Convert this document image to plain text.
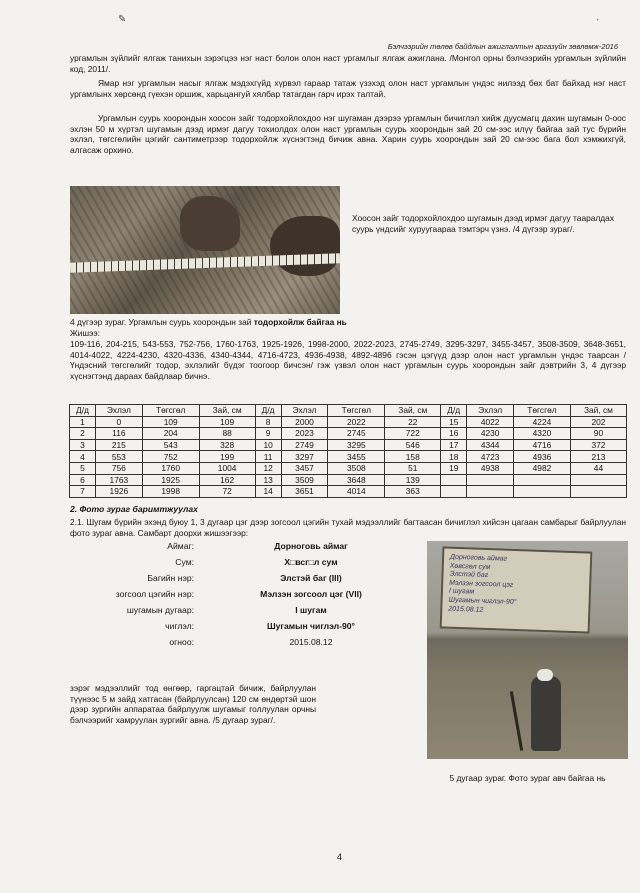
✎	·
Бэлчээрийн төлөв байдлын ажиглалтын аргазүйн зөвлөмж-2016

ургамлын зүйлийг ялгаж танихын зэрэгцээ нэг наст болон олон наст ургамлыг ялгаж ажиглана. /Монгол орны бэлчээрийн ургамлын зүйлийн код, 2011/.

Ямар нэг ургамлын насыг ялгаж мэдэхгүйд хүрвэл гараар татаж үзэхэд олон наст ургамлын үндэс нилээд бөх бат байхад нэг наст ургамлынх хөрсөнд гүехэн оршиж, харьцангуй хялбар татагдан гарч ирэх талтай.

Ургамлын суурь хоорондын хоосон зайг тодорхойлохдоо нэг шугаман дээрээ ургамлын бичиглэл хийж дуусмагц дахин шугамын 0-оос эхлэн 50 м хүртэл шугамын дээд ирмэг дагуу тохиолдох олон наст ургамлын суурь хоорондын зай 20 см-ээс илүү байгаа зай тус бүрийн эхлэл, төгсгөлийн цэгийг сантиметрээр тодорхойлж хүснэгтэнд бичиж авна. Харин суурь хоорондын зай 20 см-ээс бага бол хэмжихгүй, алгасаж орхино.

Хоосон зайг тодорхойлохдоо шугамын дээд ирмэг дагуу тааралдах суурь үндсийг хуруугаараа тэмтэрч үзнэ. /4 дүгээр зураг/.
4 дүгээр зураг. Ургамлын суурь хоорондын зай тодорхойлж байгаа нь
Жишээ:

109-116, 204-215, 543-553, 752-756, 1760-1763, 1925-1926, 1998-2000, 2022-2023, 2745-2749, 3295-3297, 3455-3457, 3508-3509, 3648-3651, 4014-4022, 4224-4230, 4320-4336, 4340-4344, 4716-4723, 4936-4938, 4892-4896 гэсэн цэгүүд дээр олон наст ургамлын үндэс таарсан /Үндэсний төгсгөлийг тодор, эхлэлийг бүдэг тоогоор бичсэн/ гэж үзвэл олон наст ургамлын суурь хоорондын зайг дэвтрийн 3, 4 дүгээр хүснэгтэнд дараах байдлаар бичнэ.

Д/д	Эхлэл	Төгсгөл	Зай, см	Д/д	Эхлэл	Төгсгөл	Зай, см	Д/д	Эхлэл	Төгсгөл	Зай, см
1	0	109	109	8	2000	2022	22	15	4022	4224	202
2	116	204	88	9	2023	2745	722	16	4230	4320	90
3	215	543	328	10	2749	3295	546	17	4344	4716	372
4	553	752	199	11	3297	3455	158	18	4723	4936	213
5	756	1760	1004	12	3457	3508	51	19	4938	4982	44
6	1763	1925	162	13	3509	3648	139				
7	1926	1998	72	14	3651	4014	363				
2. Фото зураг баримтжуулах

2.1. Шугам бүрийн эхэнд буюу 1, 3 дугаар цэг дээр зогсоол цэгийн тухай мэдээллийг багтаасан бичиглэл хийсэн цагаан самбарыг байрлуулан фото зураг авна. Самбарт доорхи жишээгээр:

Аймаг:	Дорноговь аймаг
Сум:	Х□всг□л сум
Багийн нэр:	Элстэй баг (III)
зогсоол цэгийн нэр:	Мэлзэн зогсоол цэг (VII)
шугамын дугаар:	I шугам
чиглэл:	Шугамын чиглэл-90°
огноо:	2015.08.12
Дорноговь аймаг
Хөвсгөл сум
Элстэй баг
Мэлзэн зогсоол цэг
I шугам
Шугамын чиглэл-90°
2015.08.12

зэрэг мэдээллийг тод өнгөөр, гаргацтай бичиж, байрлуулан түүнээс 5 м зайд хатгасан (байрлуулсан) 120 см өндөртэй шон дээр зургийн аппаратаа байрлуулж шугамыг голлуулан орчны бэлчээрийг хамруулан зургийг авна. /5 дугаар зураг/.

5 дугаар зураг. Фото зураг авч байгаа нь
4
